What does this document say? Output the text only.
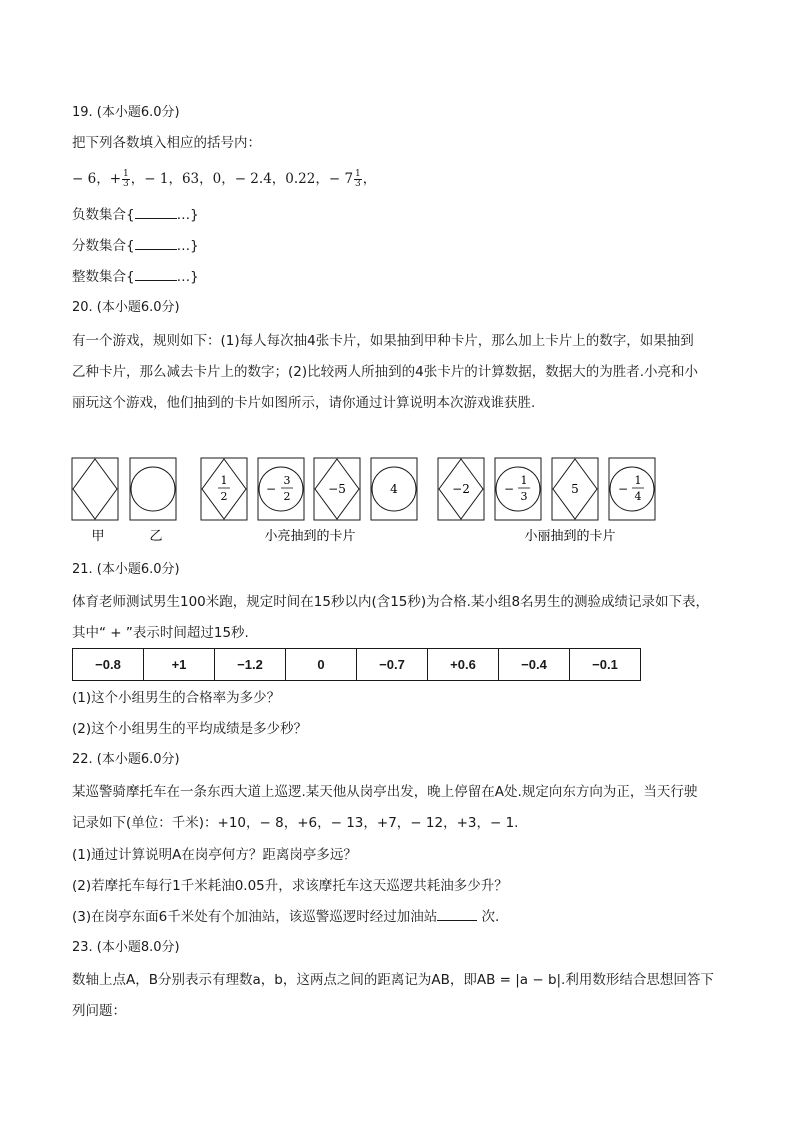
19. (本小题6.0分)
把下列各数填入相应的括号内：
− 6，+ $\frac{1}{3}$ ，− 1，63，0，− 2.4，0.22，− $7 \frac{1}{3}$ ，
负数集合{	…}
分数集合{	…}
整数集合{	…}
20. (本小题6.0分)
有一个游戏，规则如下：(1)每人每次抽4张卡片，如果抽到甲种卡片，那么加上卡片上的数字，如果抽到
乙种卡片，那么减去卡片上的数字；(2)比较两人所抽到的4张卡片的计算数据，数据大的为胜者.小亮和小
丽玩这个游戏，他们抽到的卡片如图所示，请你通过计算说明本次游戏谁获胜.
甲	乙
1
2
−
3
2
−5	4
小亮抽到的卡片
−2	−
1
3
5	−
1
4
小丽抽到的卡片
21. (本小题6.0分)
体育老师测试男生100米跑，规定时间在15秒以内(含15秒)为合格.某小组8名男生的测验成绩记录如下表，
其中“ + ”表示时间超过15秒.
−0.8	+1	−1.2	0	−0.7	+0.6	−0.4	−0.1
(1)这个小组男生的合格率为多少？
(2)这个小组男生的平均成绩是多少秒？
22. (本小题6.0分)
某巡警骑摩托车在一条东西大道上巡逻.某天他从岗亭出发，晚上停留在A处.规定向东方向为正，当天行驶
记录如下(单位：千米)：+10，− 8，+6，− 13，+7，− 12，+3，− 1.
(1)通过计算说明A在岗亭何方？距离岗亭多远？
(2)若摩托车每行1千米耗油0.05升，求该摩托车这天巡逻共耗油多少升？
(3)在岗亭东面6千米处有个加油站，该巡警巡逻时经过加油站	次.
23. (本小题8.0分)
数轴上点A，B分别表示有理数a，b，这两点之间的距离记为AB，即AB = |a − b|.利用数形结合思想回答下
列问题：
